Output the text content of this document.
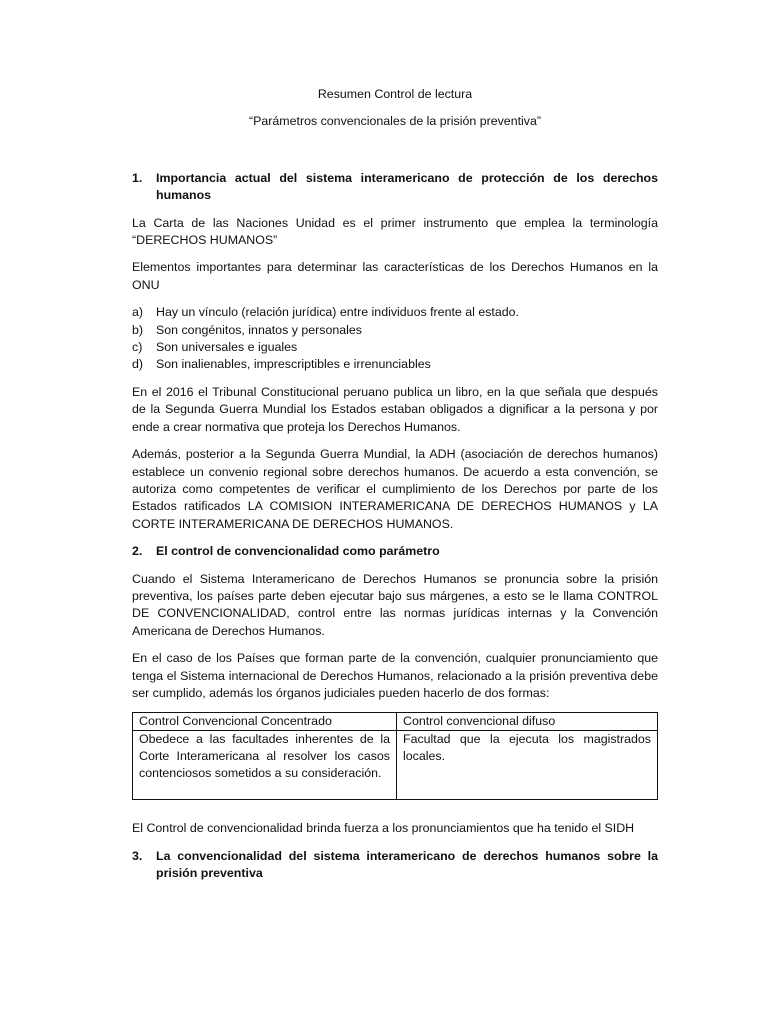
Resumen Control de lectura
“Parámetros convencionales de la prisión preventiva”
1.	Importancia actual del sistema interamericano de protección de los derechos humanos

La Carta de las Naciones Unidad es el primer instrumento que emplea la terminología “DERECHOS HUMANOS”

Elementos importantes para determinar las características de los Derechos Humanos en la ONU

a)	Hay un vínculo (relación jurídica) entre individuos frente al estado.
b)	Son congénitos, innatos y personales
c)	Son universales e iguales
d)	Son inalienables, imprescriptibles e irrenunciables

En el 2016 el Tribunal Constitucional peruano publica un libro, en la que señala que después de la Segunda Guerra Mundial los Estados estaban obligados a dignificar a la persona y por ende a crear normativa que proteja los Derechos Humanos.

Además, posterior a la Segunda Guerra Mundial, la ADH (asociación de derechos humanos) establece un convenio regional sobre derechos humanos. De acuerdo a esta convención, se autoriza como competentes de verificar el cumplimiento de los Derechos por parte de los Estados ratificados LA COMISION INTERAMERICANA DE DERECHOS HUMANOS y LA CORTE INTERAMERICANA DE DERECHOS HUMANOS.

2.	El control de convencionalidad como parámetro

Cuando el Sistema Interamericano de Derechos Humanos se pronuncia sobre la prisión preventiva, los países parte deben ejecutar bajo sus márgenes, a esto se le llama CONTROL DE CONVENCIONALIDAD, control entre las normas jurídicas internas y la Convención Americana de Derechos Humanos.

En el caso de los Países que forman parte de la convención, cualquier pronunciamiento que tenga el Sistema internacional de Derechos Humanos, relacionado a la prisión preventiva debe ser cumplido, además los órganos judiciales pueden hacerlo de dos formas:

Control Convencional Concentrado	Control convencional difuso
Obedece a las facultades inherentes de la Corte Interamericana al resolver los casos contenciosos sometidos a su consideración.	Facultad que la ejecuta los magistrados locales.

El Control de convencionalidad brinda fuerza a los pronunciamientos que ha tenido el SIDH

3.	La convencionalidad del sistema interamericano de derechos humanos sobre la prisión preventiva
